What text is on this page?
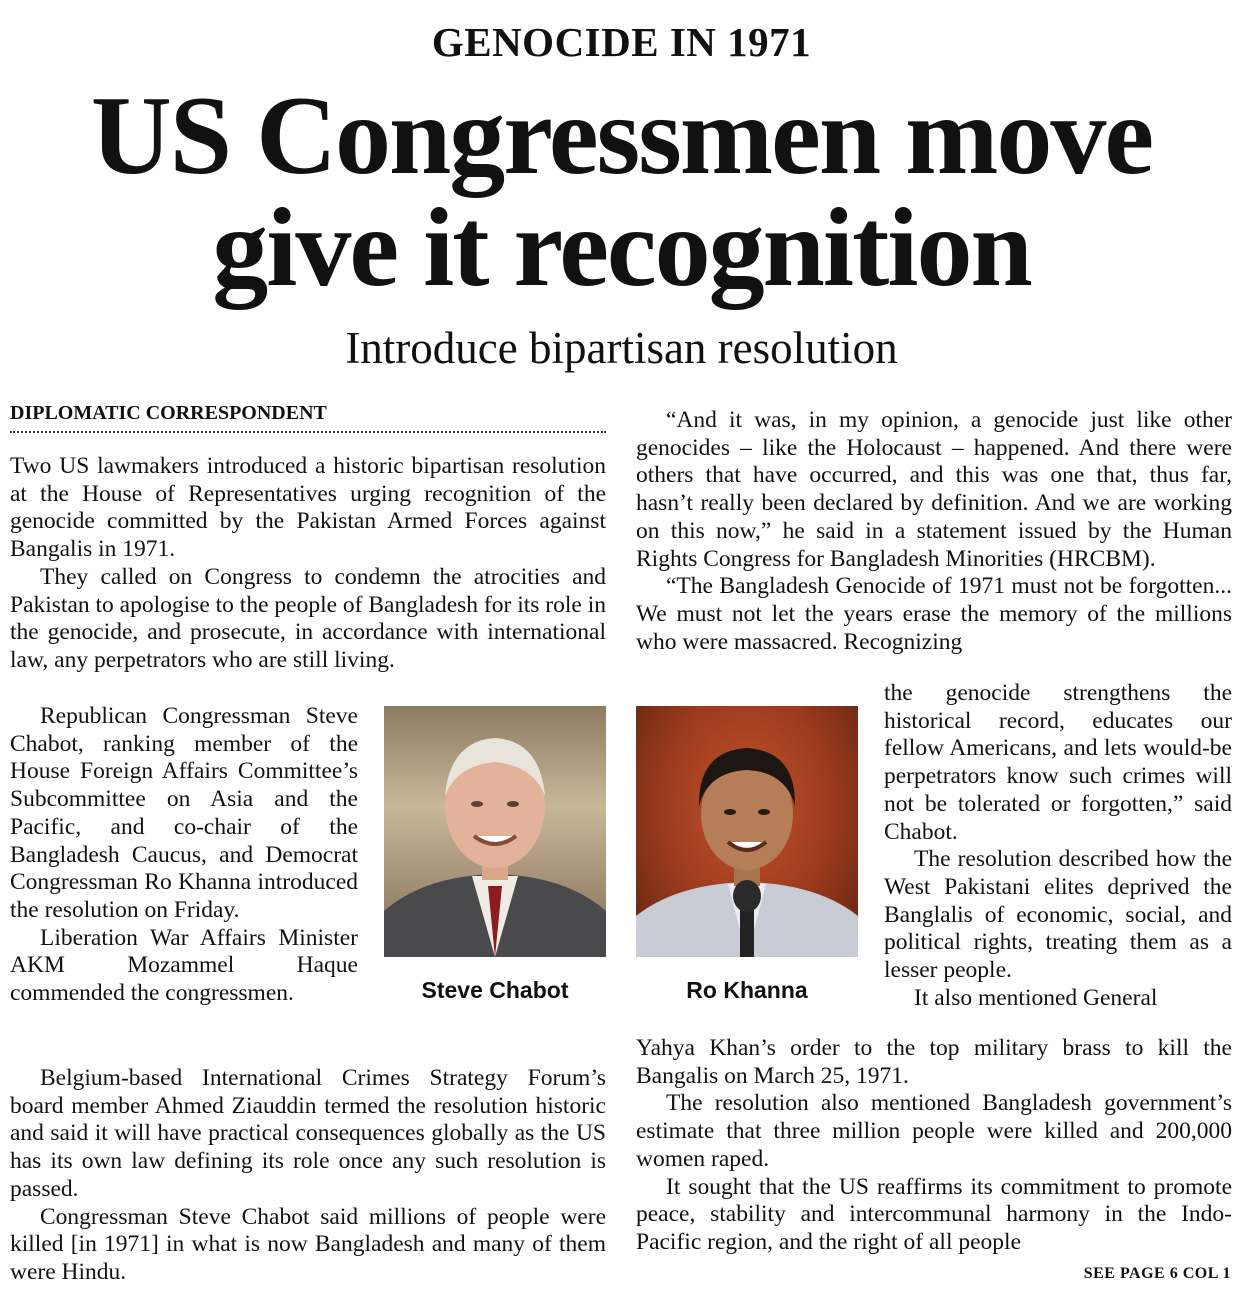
GENOCIDE IN 1971
US Congressmen move
give it recognition
Introduce bipartisan resolution
DIPLOMATIC CORRESPONDENT

Two US lawmakers introduced a historic bipartisan resolution at the House of Representatives urging recognition of the genocide committed by the Pakistan Armed Forces against Bangalis in 1971.

They called on Congress to condemn the atrocities and Pakistan to apologise to the people of Bangladesh for its role in the genocide, and prosecute, in accordance with international law, any perpetrators who are still living.

Republican Congressman Steve Chabot, ranking member of the House Foreign Affairs Committee’s Subcommittee on Asia and the Pacific, and co-chair of the Bangladesh Caucus, and Democrat Congressman Ro Khanna introduced the resolution on Friday.

Liberation War Affairs Minister AKM Mozammel Haque commended the congressmen.

Belgium-based International Crimes Strategy Forum’s board member Ahmed Ziauddin termed the resolution historic and said it will have practical consequences globally as the US has its own law defining its role once any such resolution is passed.

Congressman Steve Chabot said millions of people were killed [in 1971] in what is now Bangladesh and many of them were Hindu.

Steve Chabot	Ro Khanna

“And it was, in my opinion, a genocide just like other genocides – like the Holocaust – happened. And there were others that have occurred, and this was one that, thus far, hasn’t really been declared by definition. And we are working on this now,” he said in a statement issued by the Human Rights Congress for Bangladesh Minorities (HRCBM).

“The Bangladesh Genocide of 1971 must not be forgotten... We must not let the years erase the memory of the millions who were massacred. Recognizing

the genocide strengthens the historical record, educates our fellow Americans, and lets would-be perpetrators know such crimes will not be tolerated or forgotten,” said Chabot.

The resolution described how the West Pakistani elites deprived the Banglalis of economic, social, and political rights, treating them as a lesser people.

It also mentioned General

Yahya Khan’s order to the top military brass to kill the Bangalis on March 25, 1971.

The resolution also mentioned Bangladesh government’s estimate that three million people were killed and 200,000 women raped.

It sought that the US reaffirms its commitment to promote peace, stability and intercommunal harmony in the Indo-Pacific region, and the right of all people

SEE PAGE 6 COL 1
